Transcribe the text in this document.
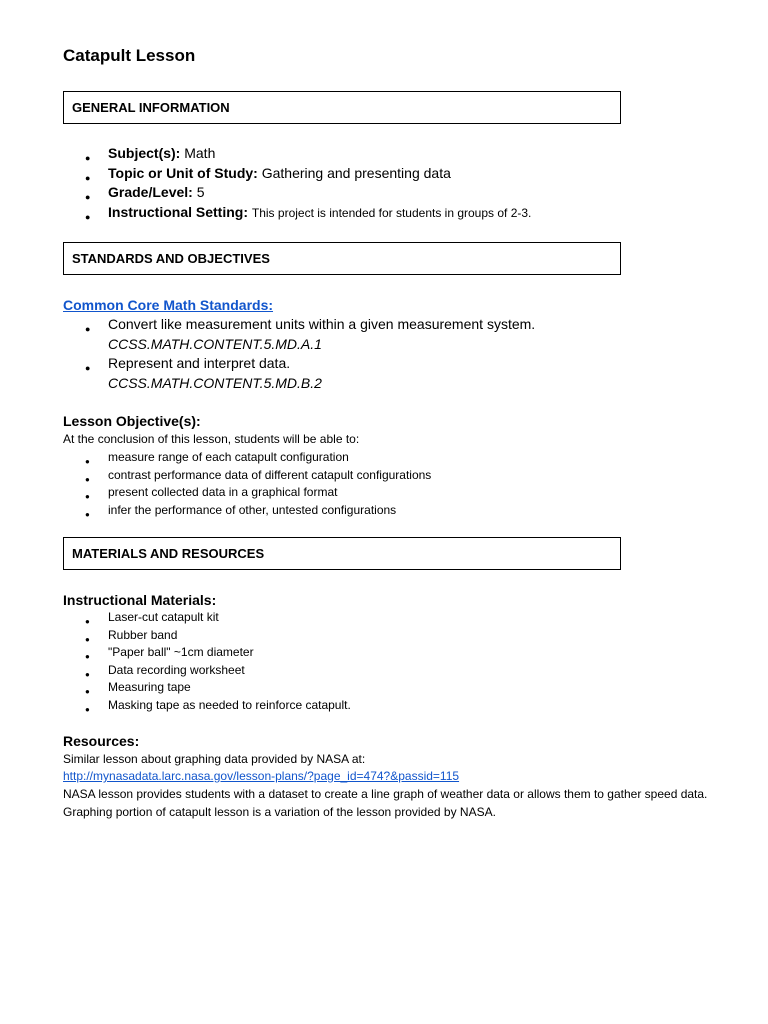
Catapult Lesson
GENERAL INFORMATION
● Subject(s): Math
● Topic or Unit of Study: Gathering and presenting data
● Grade/Level: 5
● Instructional Setting: This project is intended for students in groups of 2-3.
STANDARDS AND OBJECTIVES
Common Core Math Standards:
● Convert like measurement units within a given measurement system.
CCSS.MATH.CONTENT.5.MD.A.1
● Represent and interpret data.
CCSS.MATH.CONTENT.5.MD.B.2
Lesson Objective(s):
At the conclusion of this lesson, students will be able to:
● measure range of each catapult configuration
● contrast performance data of different catapult configurations
● present collected data in a graphical format
● infer the performance of other, untested configurations
MATERIALS AND RESOURCES
Instructional Materials:
● Laser-cut catapult kit
● Rubber band
● "Paper ball" ~1cm diameter
● Data recording worksheet
● Measuring tape
● Masking tape as needed to reinforce catapult.
Resources:
Similar lesson about graphing data provided by NASA at:
http://mynasadata.larc.nasa.gov/lesson-plans/?page_id=474?&passid=115
NASA lesson provides students with a dataset to create a line graph of weather data or allows them to gather speed data. Graphing portion of catapult lesson is a variation of the lesson provided by NASA.
